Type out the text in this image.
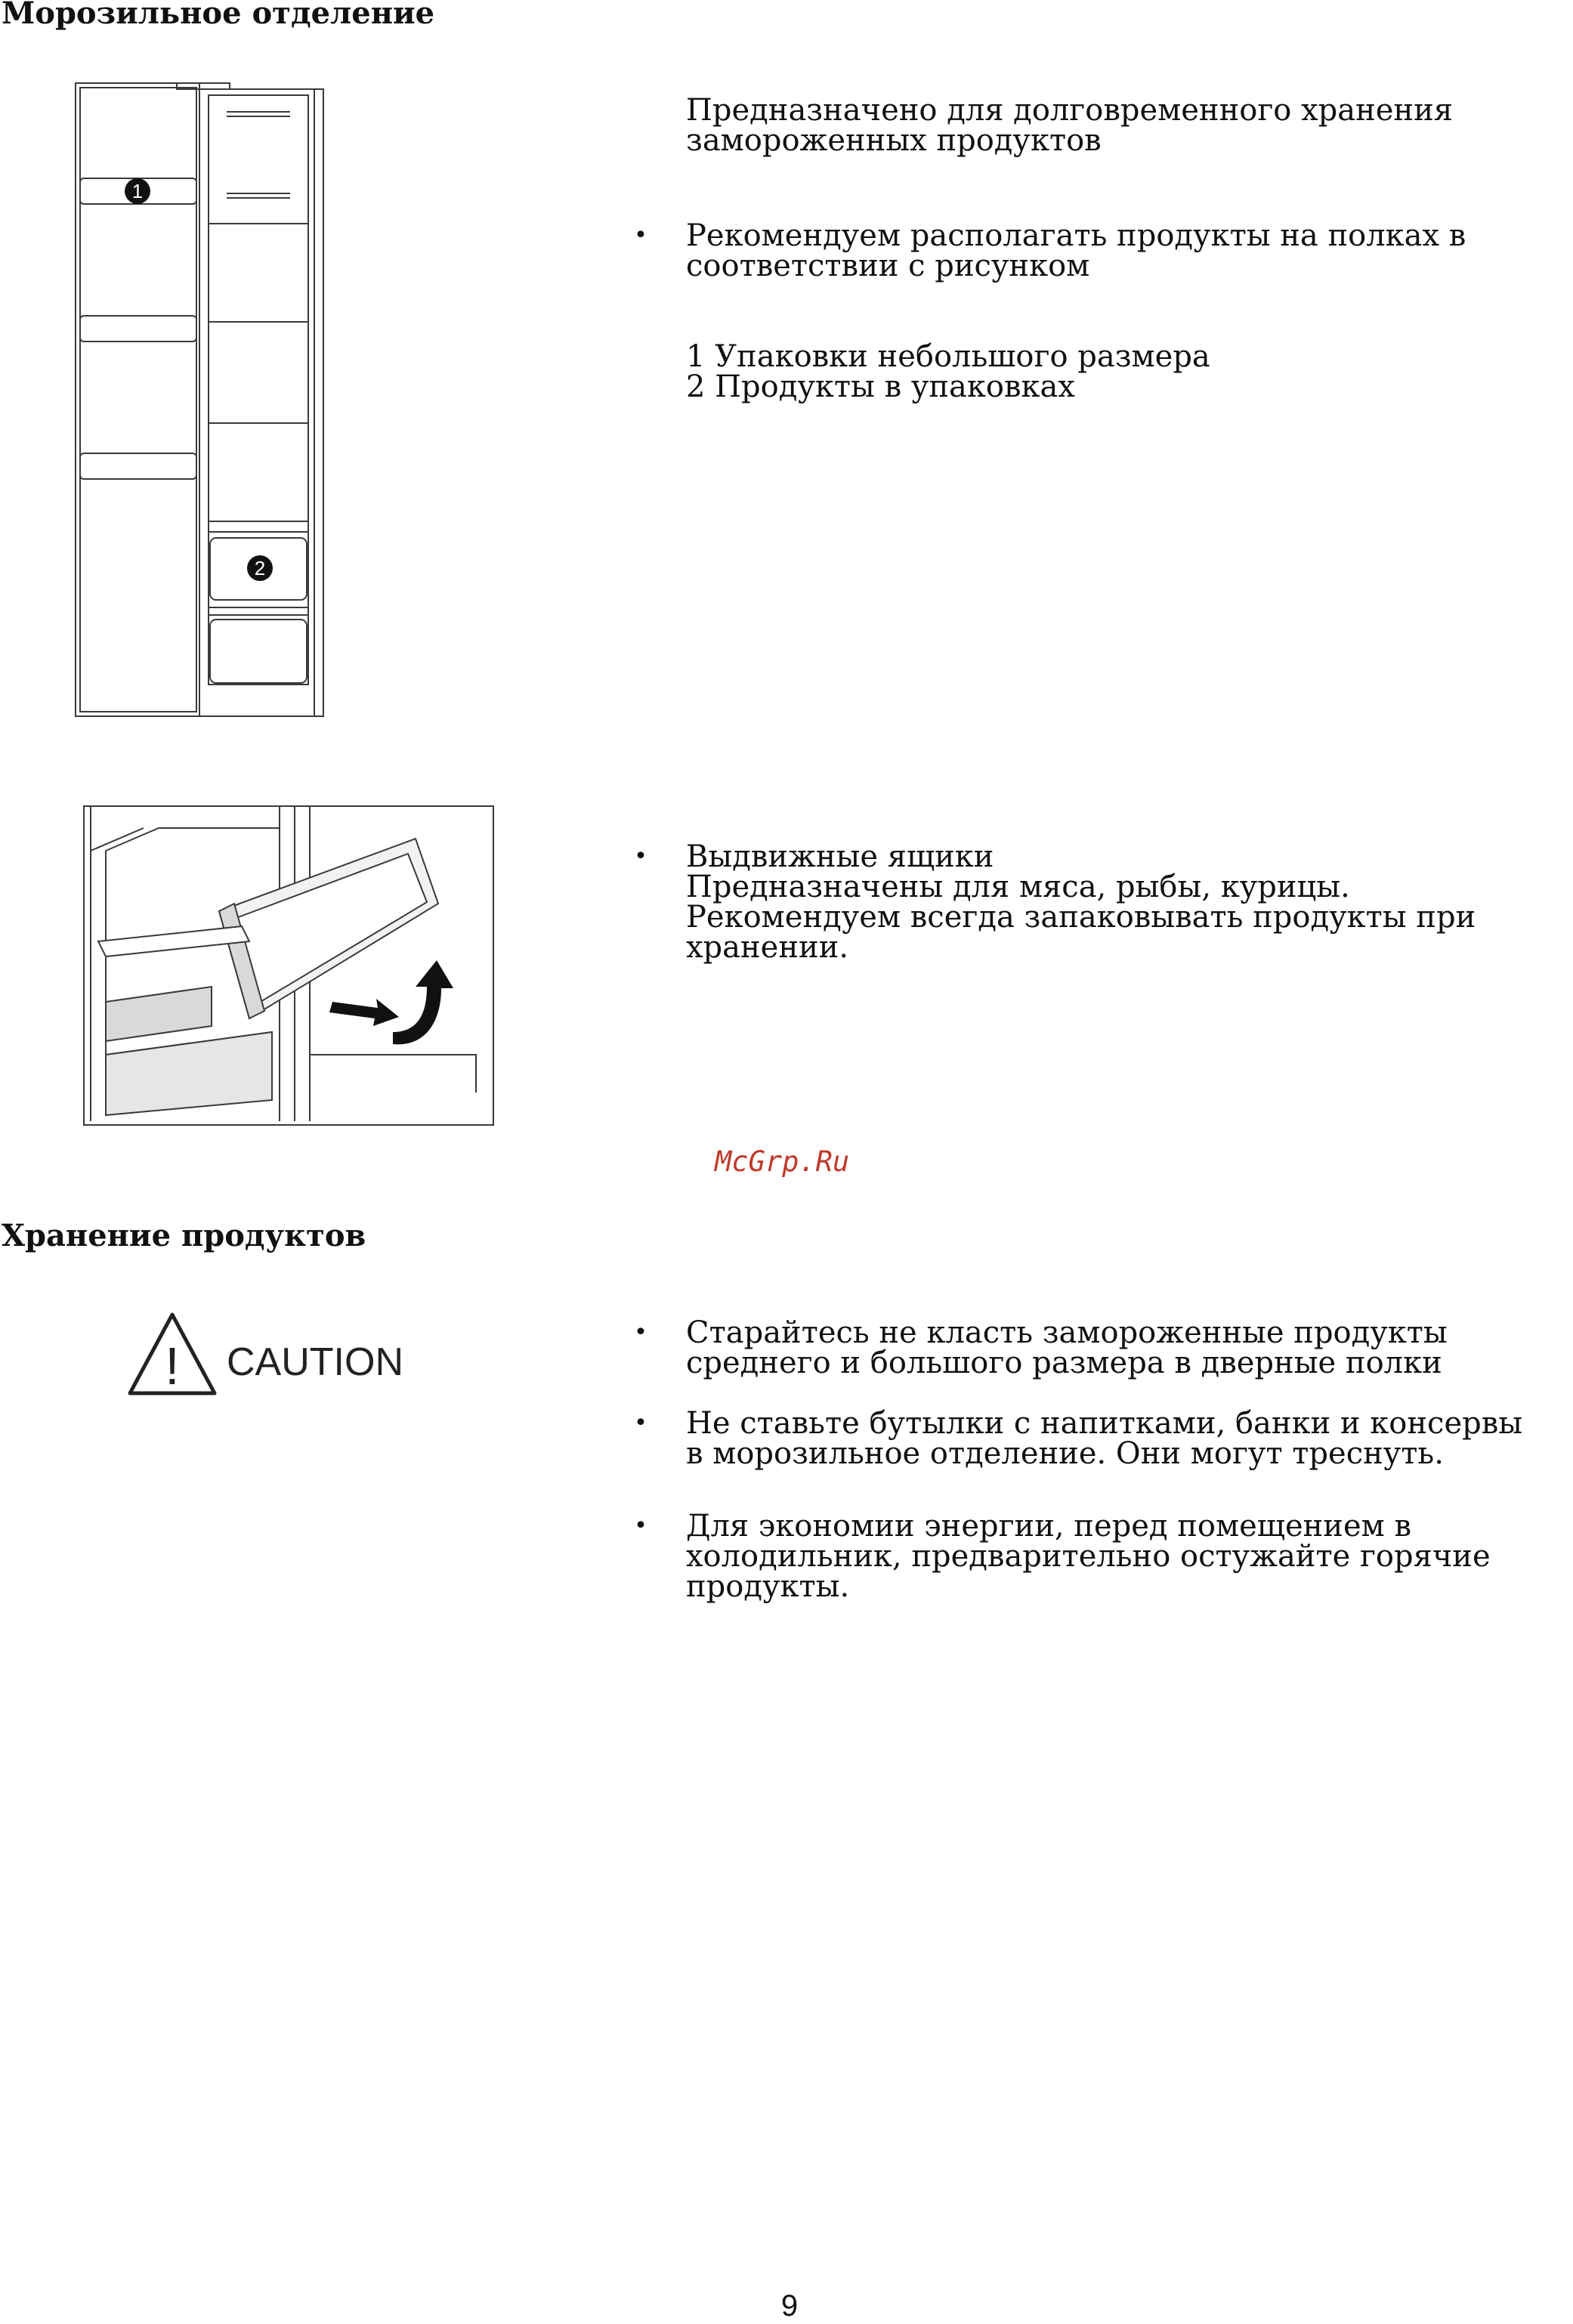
Морозильное отделение
1
2

Предназначено для долговременного хранения
замороженных продуктов

• Рекомендуем располагать продукты на полках в
соответствии с рисунком

1 Упаковки небольшого размера
2 Продукты в упаковках

• Выдвижные ящики
Предназначены для мяса, рыбы, курицы.
Рекомендуем всегда запаковывать продукты при
хранении.

McGrp.Ru

Хранение продуктов
! CAUTION
• Старайтесь не класть замороженные продукты
среднего и большого размера в дверные полки

• Не ставьте бутылки с напитками, банки и консервы
в морозильное отделение. Они могут треснуть.

• Для экономии энергии, перед помещением в
холодильник, предварительно остужайте горячие
продукты.

9
